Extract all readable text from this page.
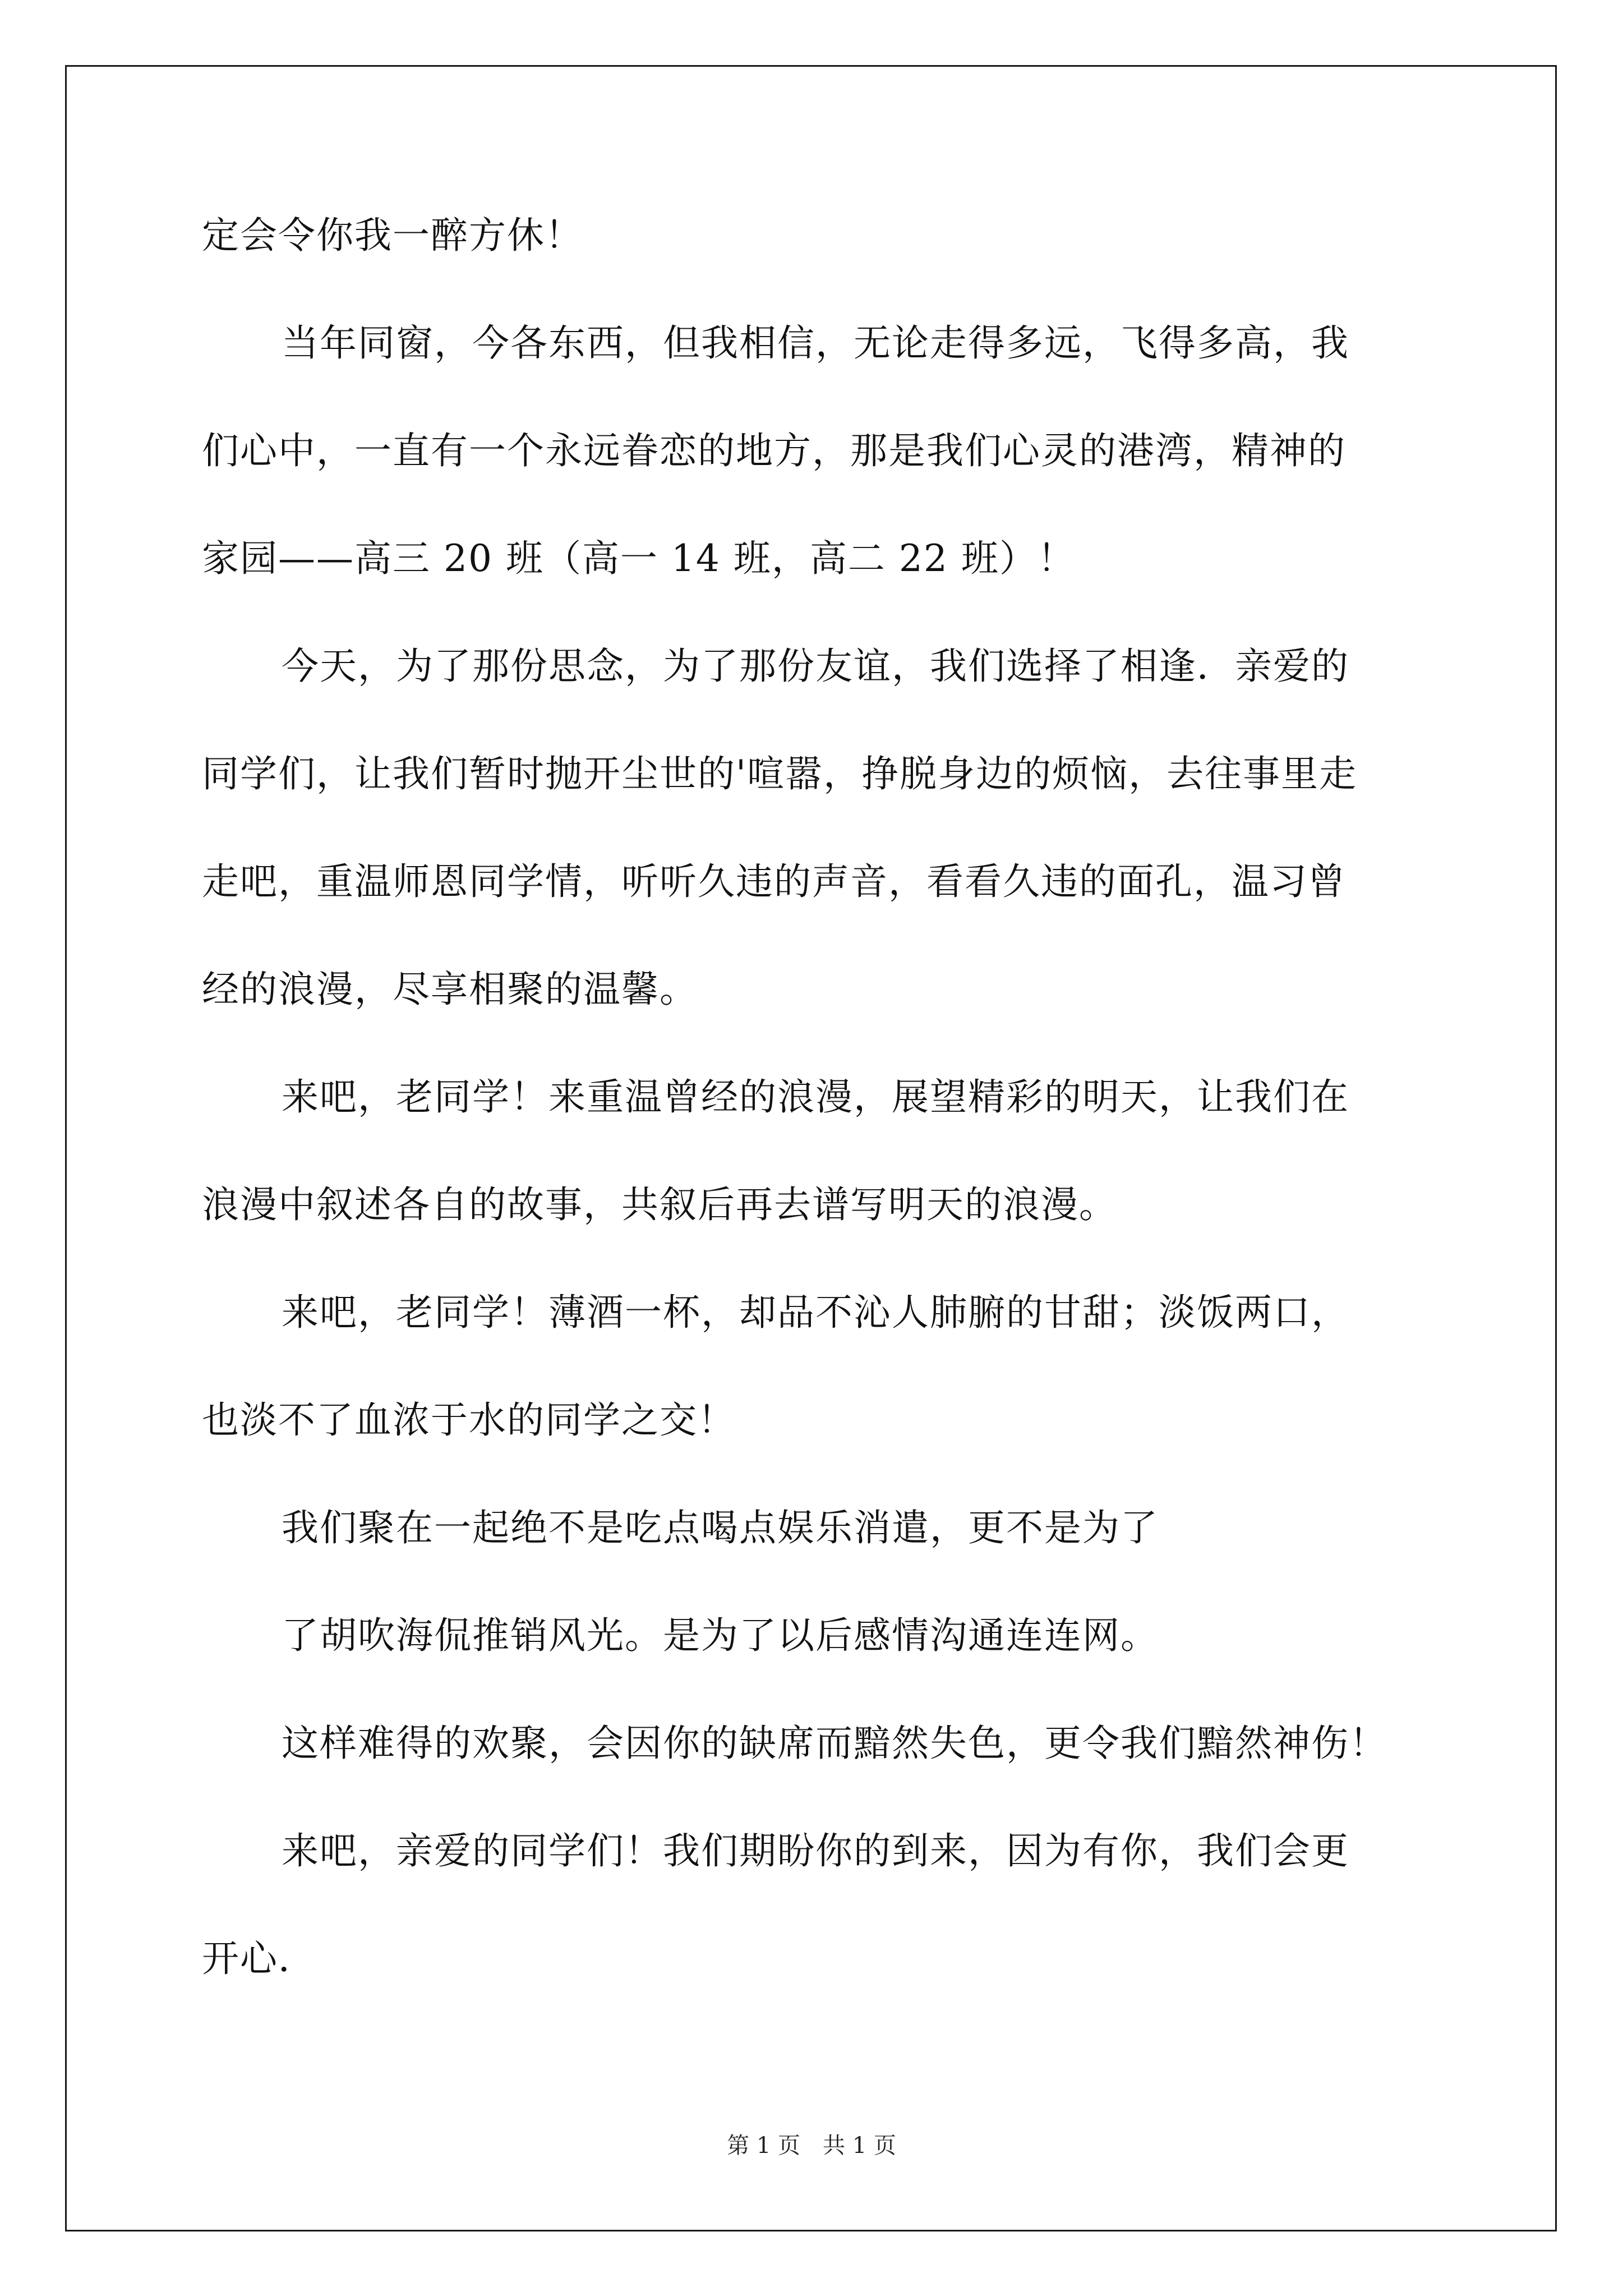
定会令你我一醉方休！
当年同窗，今各东西，但我相信，无论走得多远，飞得多高，我
们心中，一直有一个永远眷恋的地方，那是我们心灵的港湾，精神的
家园——高三 20 班（高一 14 班，高二 22 班）！
今天，为了那份思念，为了那份友谊，我们选择了相逢．亲爱的
同学们，让我们暂时抛开尘世的'喧嚣，挣脱身边的烦恼，去往事里走
走吧，重温师恩同学情，听听久违的声音，看看久违的面孔，温习曾
经的浪漫，尽享相聚的温馨。
来吧，老同学！来重温曾经的浪漫，展望精彩的明天，让我们在
浪漫中叙述各自的故事，共叙后再去谱写明天的浪漫。
来吧，老同学！薄酒一杯，却品不沁人肺腑的甘甜；淡饭两口，
也淡不了血浓于水的同学之交！
我们聚在一起绝不是吃点喝点娱乐消遣，更不是为了
了胡吹海侃推销风光。是为了以后感情沟通连连网。
这样难得的欢聚，会因你的缺席而黯然失色，更令我们黯然神伤！
来吧，亲爱的同学们！我们期盼你的到来，因为有你，我们会更
开心．
第 1 页　共 1 页
